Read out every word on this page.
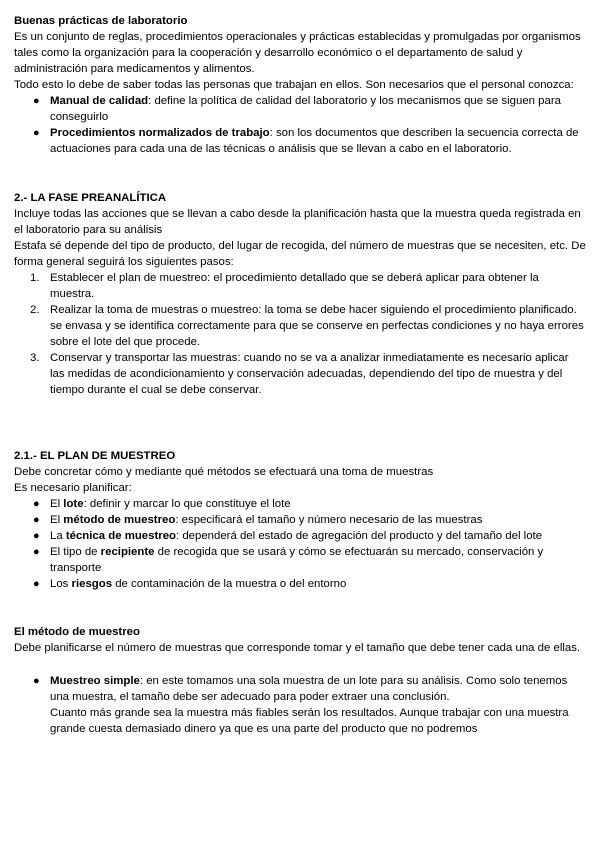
Buenas prácticas de laboratorio

Es un conjunto de reglas, procedimientos operacionales y prácticas establecidas y promulgadas por organismos tales como la organización para la cooperación y desarrollo económico o el departamento de salud y administración para medicamentos y alimentos.

Todo esto lo debe de saber todas las personas que trabajan en ellos. Son necesarios que el personal conozca:

● Manual de calidad: define la política de calidad del laboratorio y los mecanismos que se siguen para conseguirlo
● Procedimientos normalizados de trabajo: son los documentos que describen la secuencia correcta de actuaciones para cada una de las técnicas o análisis que se llevan a cabo en el laboratorio.
2.- LA FASE PREANALÍTICA

Incluye todas las acciones que se llevan a cabo desde la planificación hasta que la muestra queda registrada en el laboratorio para su análisis

Estafa sé depende del tipo de producto, del lugar de recogida, del número de muestras que se necesiten, etc. De forma general seguirá los siguientes pasos:

1. Establecer el plan de muestreo: el procedimiento detallado que se deberá aplicar para obtener la muestra.
2. Realizar la toma de muestras o muestreo: la toma se debe hacer siguiendo el procedimiento planificado. se envasa y se identifica correctamente para que se conserve en perfectas condiciones y no haya errores sobre el lote del que procede.
3. Conservar y transportar las muestras: cuando no se va a analizar inmediatamente es necesario aplicar las medidas de acondicionamiento y conservación adecuadas, dependiendo del tipo de muestra y del tiempo durante el cual se debe conservar.
2.1.- EL PLAN DE MUESTREO

Debe concretar cómo y mediante qué métodos se efectuará una toma de muestras

Es necesario planificar:

● El lote: definir y marcar lo que constituye el lote
● El método de muestreo: especificará el tamaño y número necesario de las muestras
● La técnica de muestreo: dependerá del estado de agregación del producto y del tamaño del lote
● El tipo de recipiente de recogida que se usará y cómo se efectuarán su mercado, conservación y transporte
● Los riesgos de contaminación de la muestra o del entorno
El método de muestreo

Debe planificarse el número de muestras que corresponde tomar y el tamaño que debe tener cada una de ellas.

● Muestreo simple: en este tomamos una sola muestra de un lote para su análisis. Como solo tenemos una muestra, el tamaño debe ser adecuado para poder extraer una conclusión.
Cuanto más grande sea la muestra más fiables serán los resultados. Aunque trabajar con una muestra grande cuesta demasiado dinero ya que es una parte del producto que no podremos
